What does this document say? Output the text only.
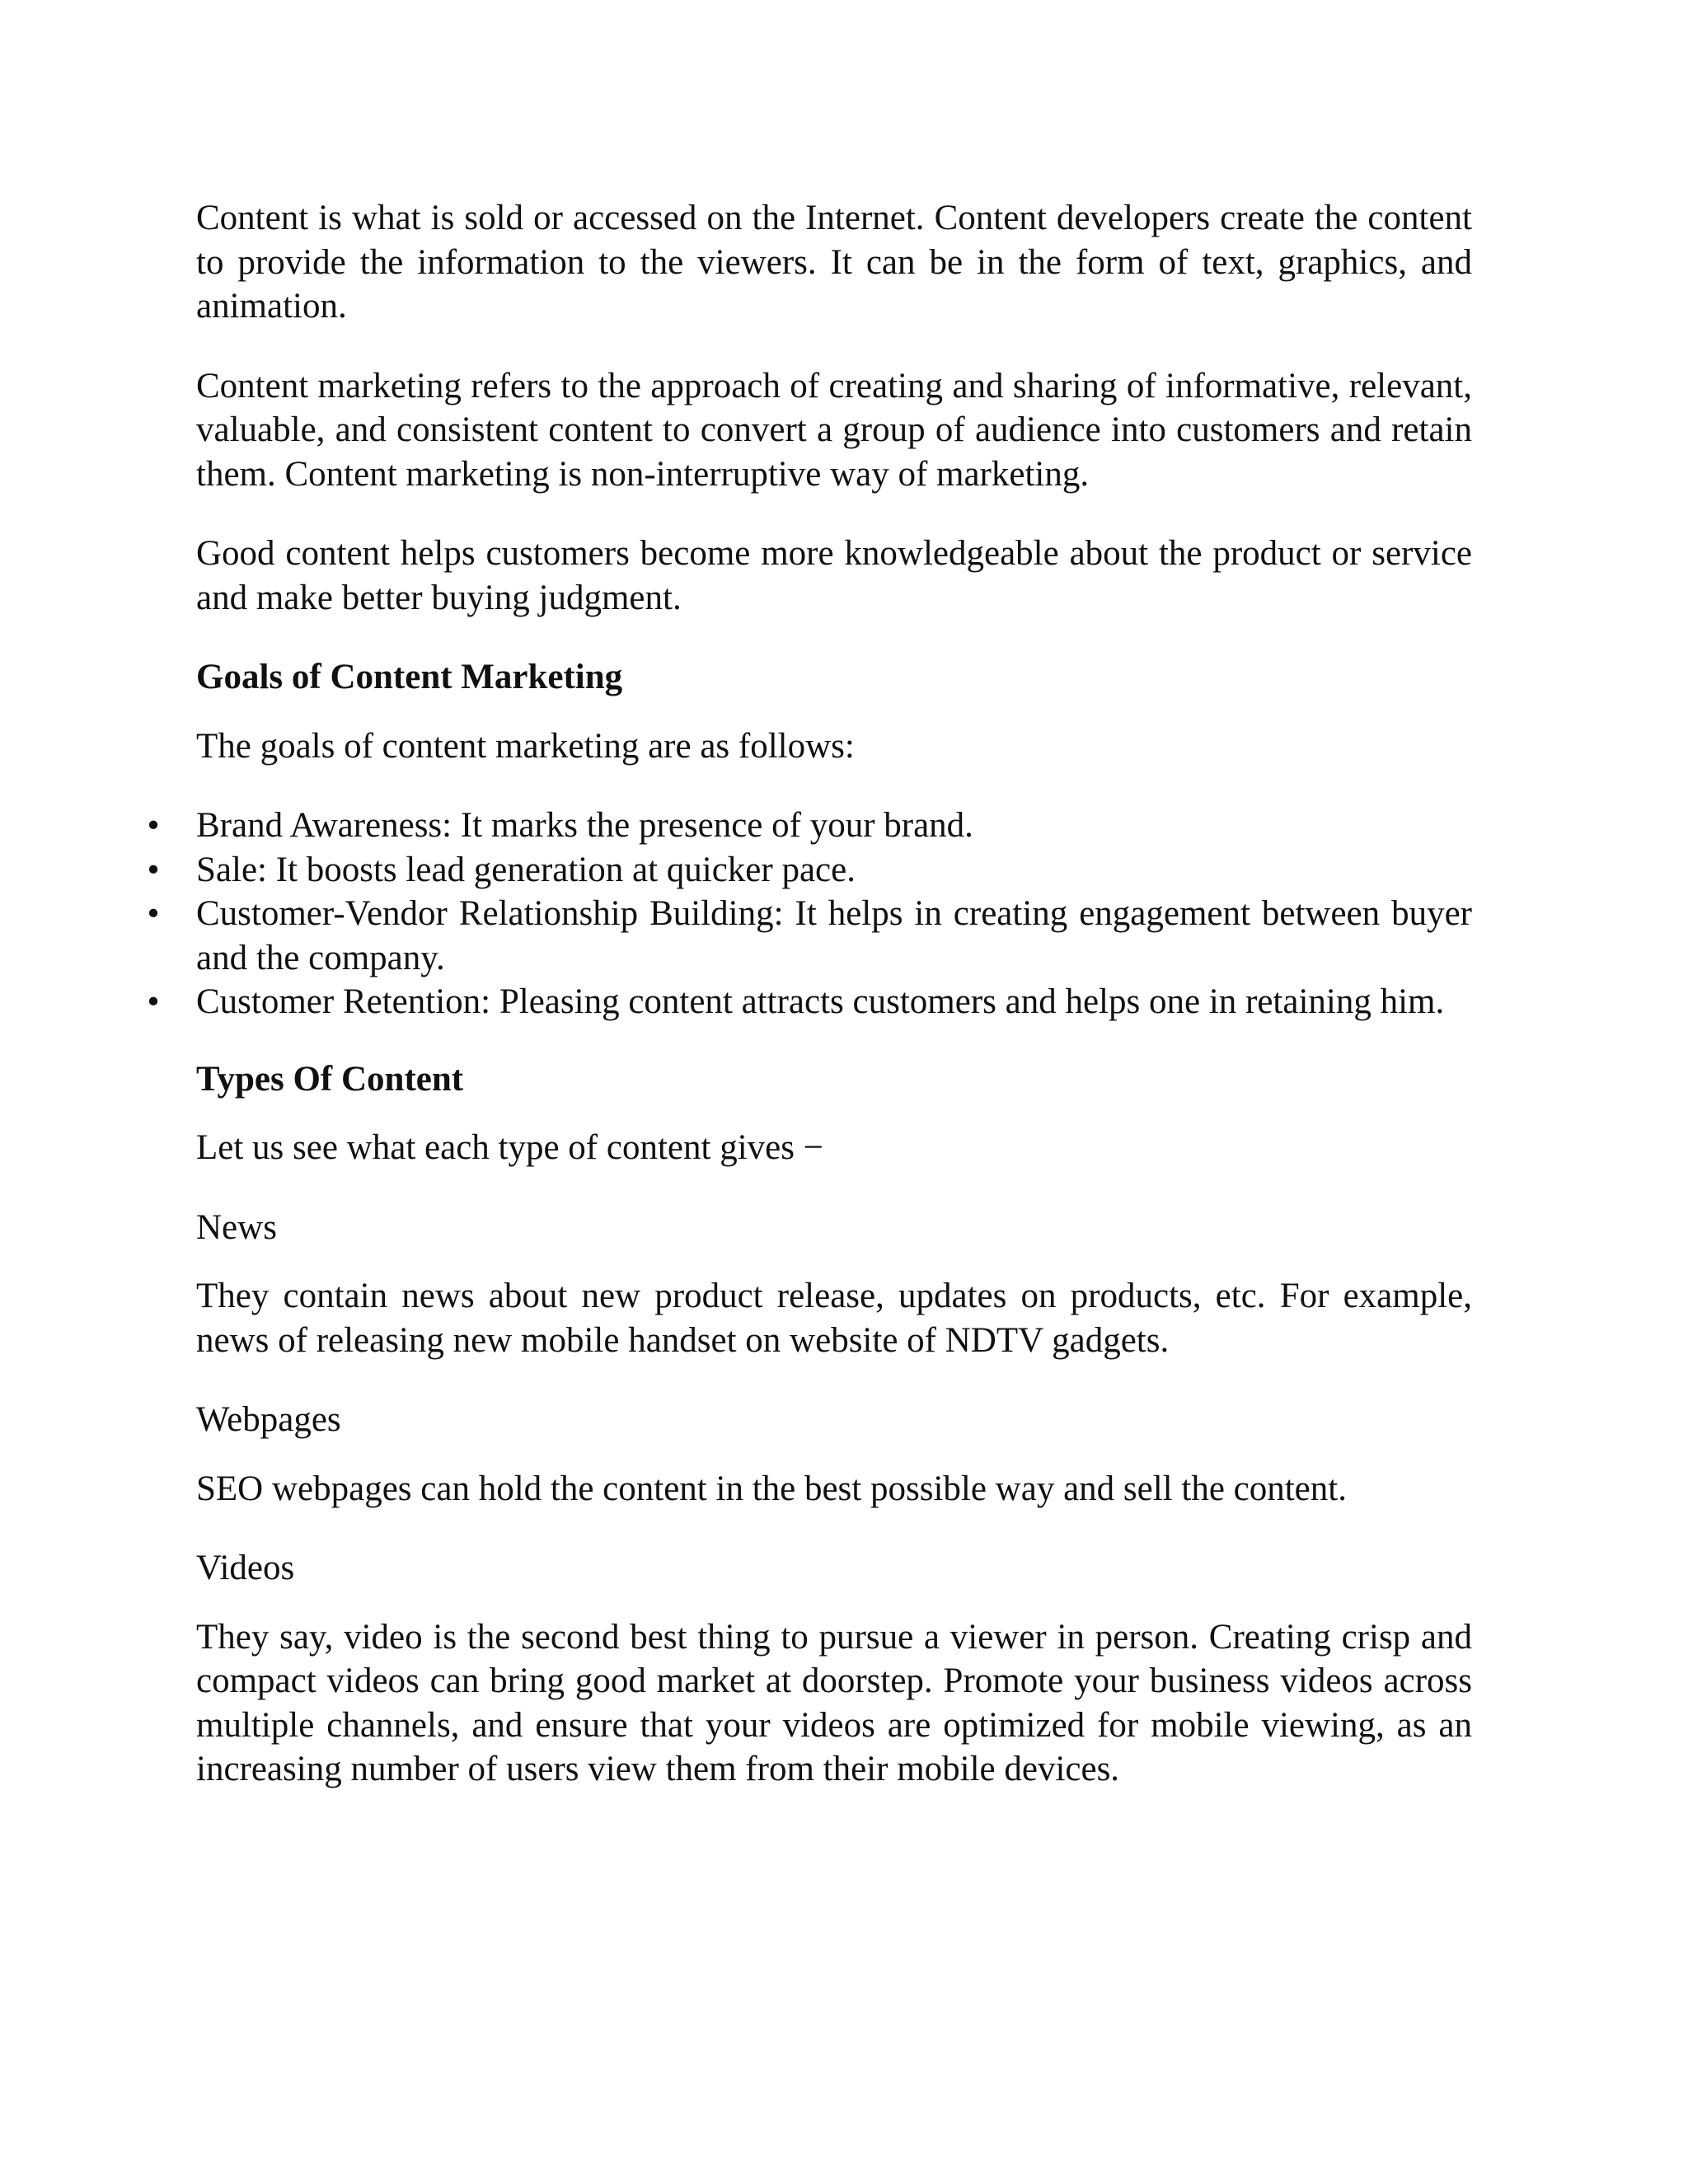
Content is what is sold or accessed on the Internet. Content developers create the content to provide the information to the viewers. It can be in the form of text, graphics, and animation.

Content marketing refers to the approach of creating and sharing of informative, relevant, valuable, and consistent content to convert a group of audience into customers and retain them. Content marketing is non-interruptive way of marketing.

Good content helps customers become more knowledgeable about the product or service and make better buying judgment.

Goals of Content Marketing

The goals of content marketing are as follows:

• Brand Awareness: It marks the presence of your brand.
• Sale: It boosts lead generation at quicker pace.
• Customer-Vendor Relationship Building: It helps in creating engagement between buyer and the company.
• Customer Retention: Pleasing content attracts customers and helps one in retaining him.
Types Of Content

Let us see what each type of content gives −

News

They contain news about new product release, updates on products, etc. For example, news of releasing new mobile handset on website of NDTV gadgets.

Webpages

SEO webpages can hold the content in the best possible way and sell the content.

Videos

They say, video is the second best thing to pursue a viewer in person. Creating crisp and compact videos can bring good market at doorstep. Promote your business videos across multiple channels, and ensure that your videos are optimized for mobile viewing, as an increasing number of users view them from their mobile devices.
